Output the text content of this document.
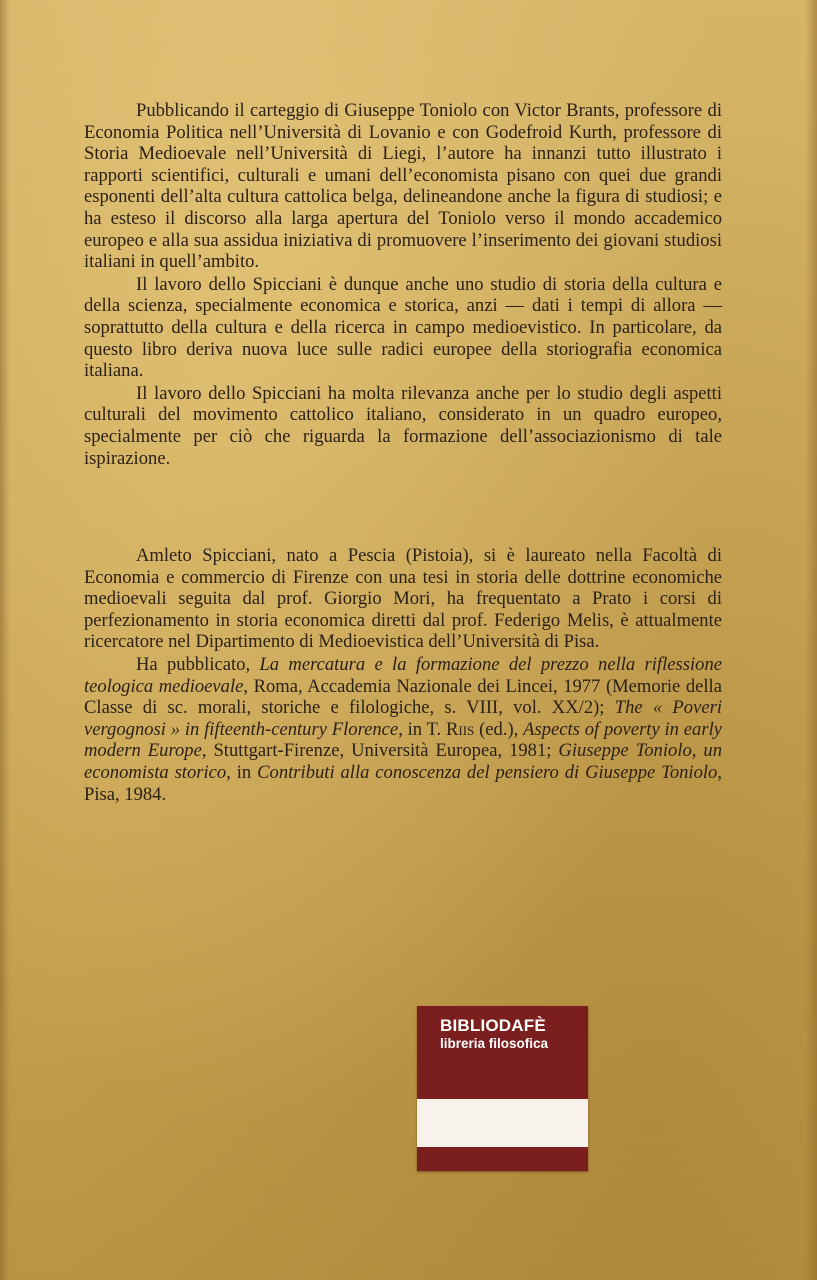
Pubblicando il carteggio di Giuseppe Toniolo con Victor Brants, professore di Economia Politica nell’Università di Lovanio e con Godefroid Kurth, professore di Storia Medioevale nell’Università di Liegi, l’autore ha innanzi tutto illustrato i rapporti scientifici, culturali e umani dell’economista pisano con quei due grandi esponenti dell’alta cultura cattolica belga, delineandone anche la figura di studiosi; e ha esteso il discorso alla larga apertura del Toniolo verso il mondo accademico europeo e alla sua assidua iniziativa di promuovere l’inserimento dei giovani studiosi italiani in quell’ambito.

Il lavoro dello Spicciani è dunque anche uno studio di storia della cultura e della scienza, specialmente economica e storica, anzi — dati i tempi di allora — soprattutto della cultura e della ricerca in campo medioevistico. In particolare, da questo libro deriva nuova luce sulle radici europee della storiografia economica italiana.

Il lavoro dello Spicciani ha molta rilevanza anche per lo studio degli aspetti culturali del movimento cattolico italiano, considerato in un quadro europeo, specialmente per ciò che riguarda la formazione dell’associazionismo di tale ispirazione.

Amleto Spicciani, nato a Pescia (Pistoia), si è laureato nella Facoltà di Economia e commercio di Firenze con una tesi in storia delle dottrine economiche medioevali seguita dal prof. Giorgio Mori, ha frequentato a Prato i corsi di perfezionamento in storia economica diretti dal prof. Federigo Melis, è attualmente ricercatore nel Dipartimento di Medioevistica dell’Università di Pisa.

Ha pubblicato, La mercatura e la formazione del prezzo nella riflessione teologica medioevale, Roma, Accademia Nazionale dei Lincei, 1977 (Memorie della Classe di sc. morali, storiche e filologiche, s. VIII, vol. XX/2); The « Poveri vergognosi » in fifteenth-century Florence, in T. Riis (ed.), Aspects of poverty in early modern Europe, Stuttgart-Firenze, Università Europea, 1981; Giuseppe Toniolo, un economista storico, in Contributi alla conoscenza del pensiero di Giuseppe Toniolo, Pisa, 1984.

BIBLIODAFÈ
libreria filosofica
